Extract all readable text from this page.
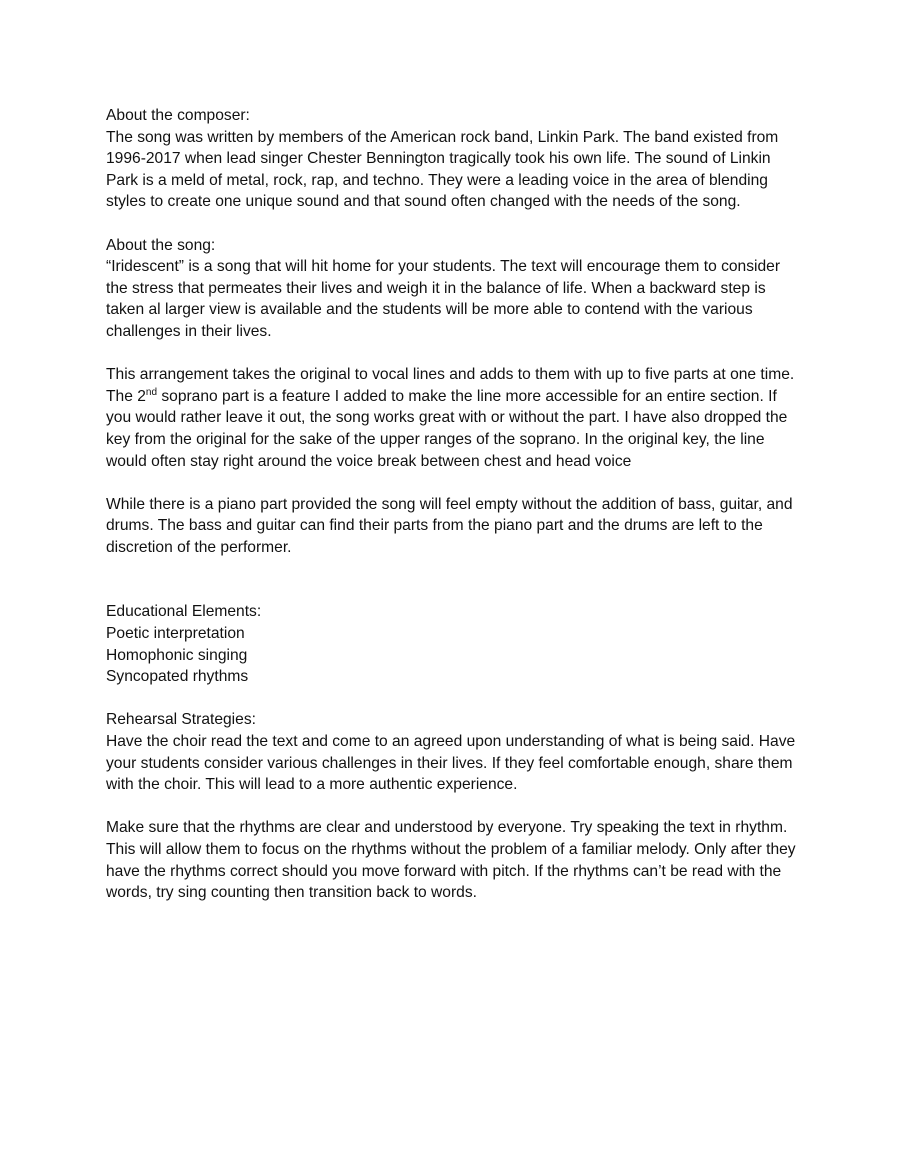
About the composer:

The song was written by members of the American rock band, Linkin Park. The band existed from 1996-2017 when lead singer Chester Bennington tragically took his own life. The sound of Linkin Park is a meld of metal, rock, rap, and techno. They were a leading voice in the area of blending styles to create one unique sound and that sound often changed with the needs of the song.

About the song:

“Iridescent” is a song that will hit home for your students. The text will encourage them to consider the stress that permeates their lives and weigh it in the balance of life. When a backward step is taken al larger view is available and the students will be more able to contend with the various challenges in their lives.

This arrangement takes the original to vocal lines and adds to them with up to five parts at one time. The 2nd soprano part is a feature I added to make the line more accessible for an entire section. If you would rather leave it out, the song works great with or without the part. I have also dropped the key from the original for the sake of the upper ranges of the soprano. In the original key, the line would often stay right around the voice break between chest and head voice

While there is a piano part provided the song will feel empty without the addition of bass, guitar, and drums. The bass and guitar can find their parts from the piano part and the drums are left to the discretion of the performer.

Educational Elements:

Poetic interpretation

Homophonic singing

Syncopated rhythms

Rehearsal Strategies:

Have the choir read the text and come to an agreed upon understanding of what is being said. Have your students consider various challenges in their lives. If they feel comfortable enough, share them with the choir. This will lead to a more authentic experience.

Make sure that the rhythms are clear and understood by everyone. Try speaking the text in rhythm. This will allow them to focus on the rhythms without the problem of a familiar melody. Only after they have the rhythms correct should you move forward with pitch. If the rhythms can’t be read with the words, try sing counting then transition back to words.
